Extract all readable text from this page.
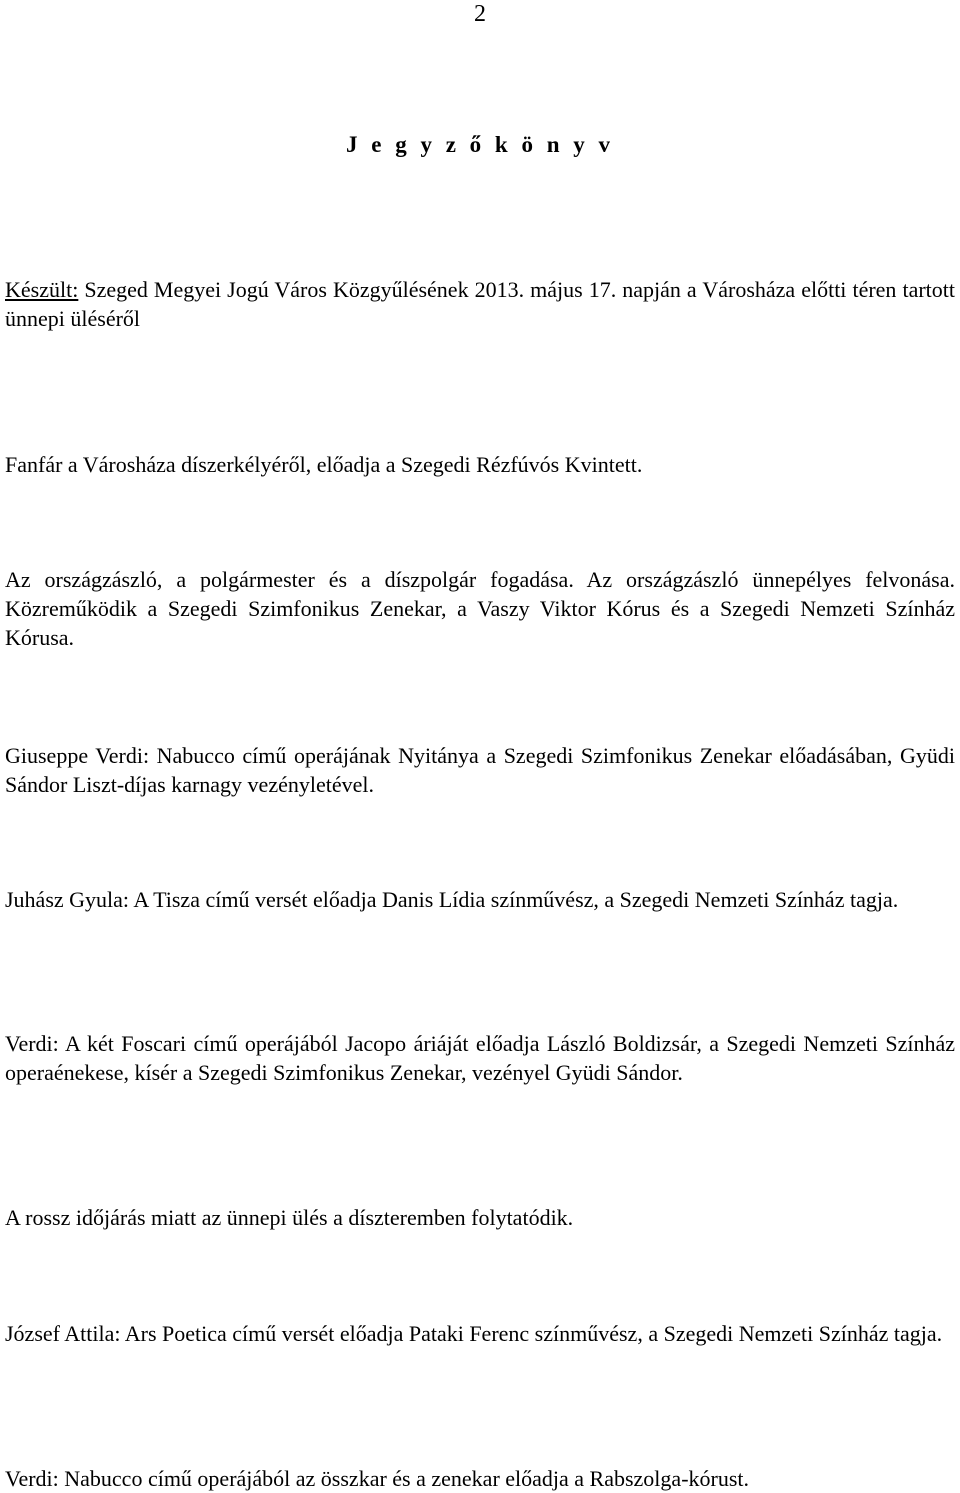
2
J e g y z ő k ö n y v

Készült: Szeged Megyei Jogú Város Közgyűlésének 2013. május 17. napján a Városháza előtti téren tartott ünnepi üléséről

Fanfár a Városháza díszerkélyéről, előadja a Szegedi Rézfúvós Kvintett.

Az országzászló, a polgármester és a díszpolgár fogadása. Az országzászló ünnepélyes felvonása. Közreműködik a Szegedi Szimfonikus Zenekar, a Vaszy Viktor Kórus és a Szegedi Nemzeti Színház Kórusa.

Giuseppe Verdi: Nabucco című operájának Nyitánya a Szegedi Szimfonikus Zenekar előadásában, Gyüdi Sándor Liszt-díjas karnagy vezényletével.

Juhász Gyula: A Tisza című versét előadja Danis Lídia színművész, a Szegedi Nemzeti Színház tagja.

Verdi: A két Foscari című operájából Jacopo áriáját előadja László Boldizsár, a Szegedi Nemzeti Színház operaénekese, kísér a Szegedi Szimfonikus Zenekar, vezényel Gyüdi Sándor.

A rossz időjárás miatt az ünnepi ülés a díszteremben folytatódik.

József Attila: Ars Poetica című versét előadja Pataki Ferenc színművész, a Szegedi Nemzeti Színház tagja.

Verdi: Nabucco című operájából az összkar és a zenekar előadja a Rabszolga-kórust.
